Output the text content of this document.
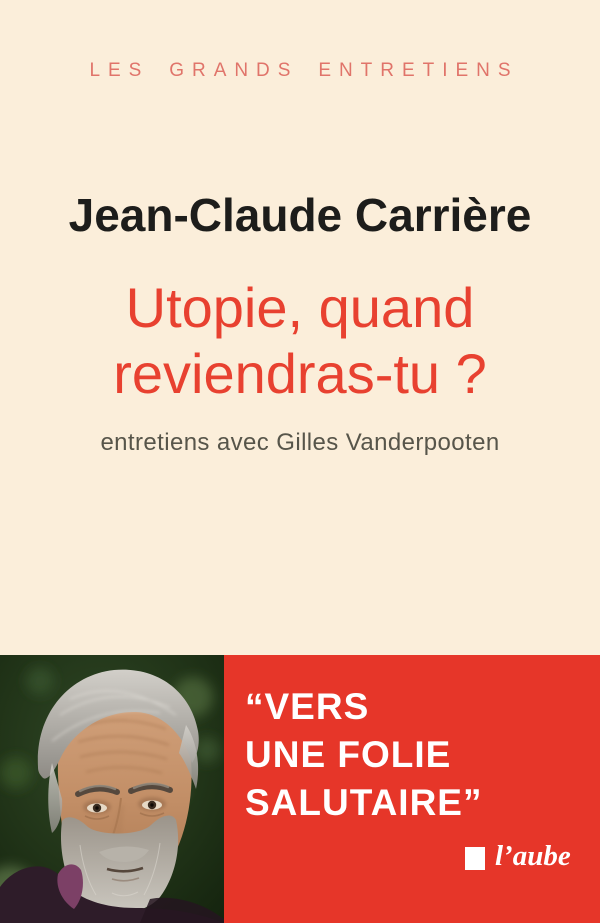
LES GRANDS ENTRETIENS
Jean-Claude Carrière
Utopie, quand
reviendras-tu ?
entretiens avec Gilles Vanderpooten
“VERS
UNE FOLIE
SALUTAIRE”
l’aube
